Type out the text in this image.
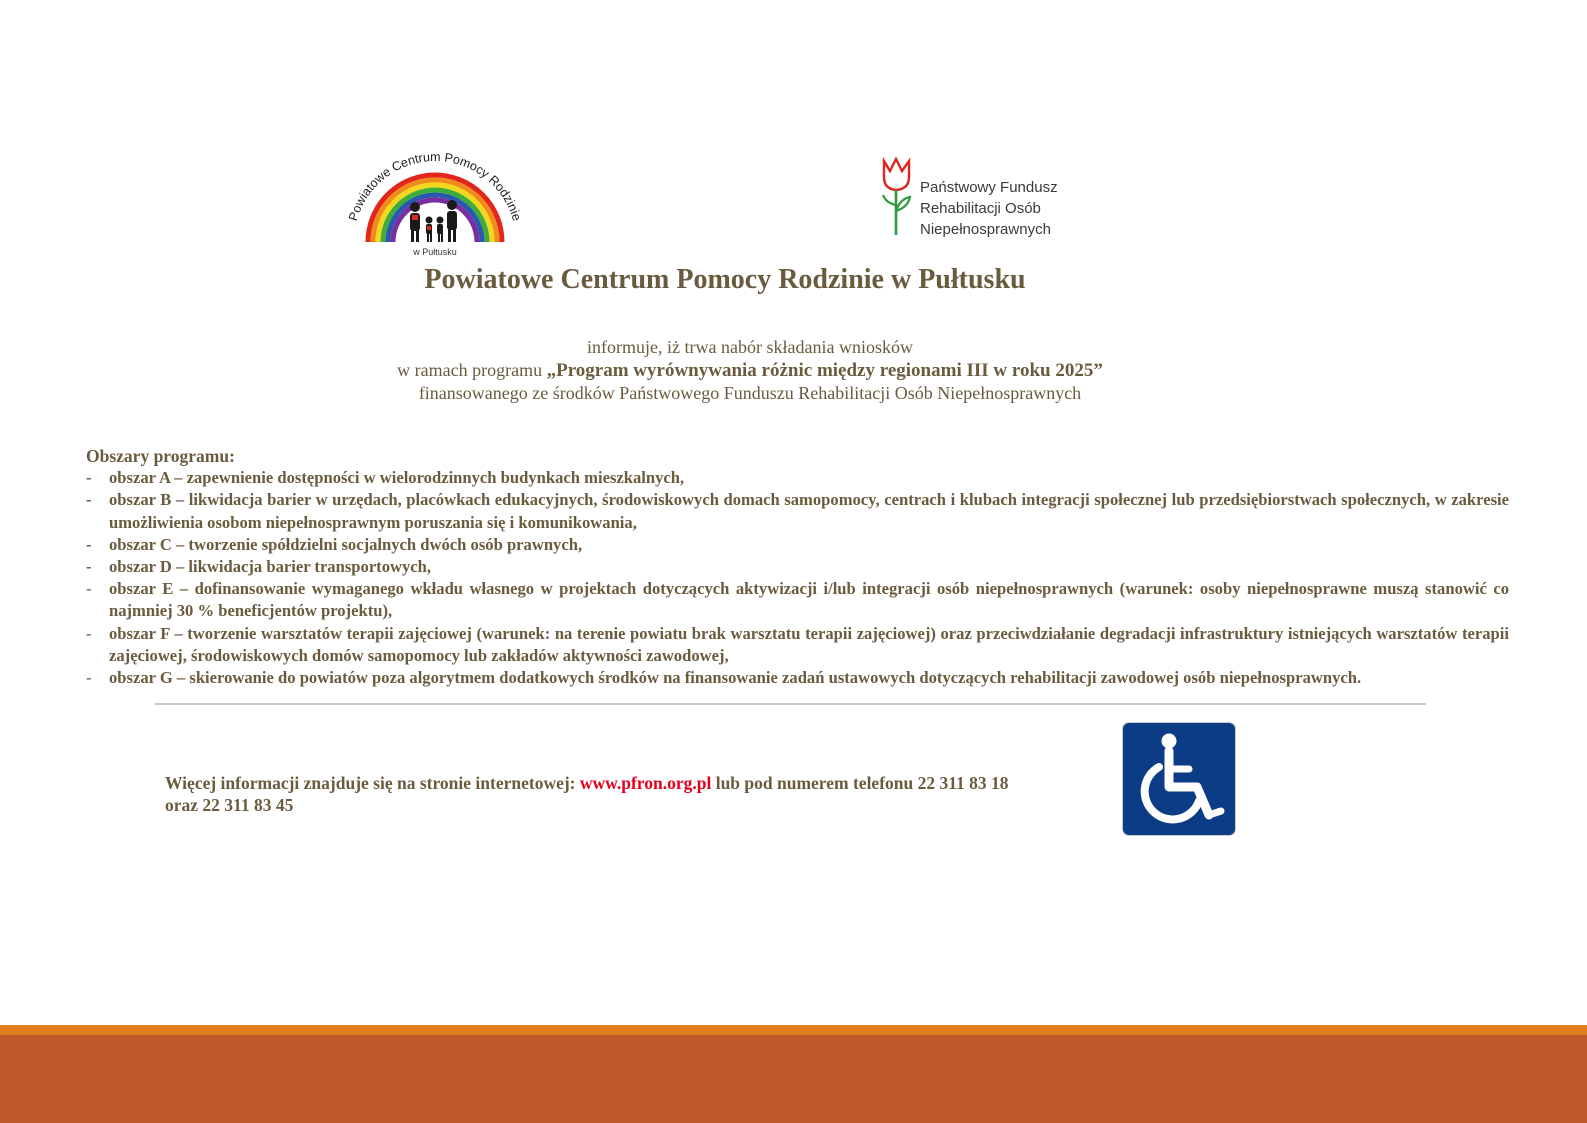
Powiatowe Centrum Pomocy Rodzinie
w Pułtusku
Państwowy Fundusz
Rehabilitacji Osób
Niepełnosprawnych
Powiatowe Centrum Pomocy Rodzinie w Pułtusku
informuje, iż trwa nabór składania wniosków
w ramach programu „Program wyrównywania różnic między regionami III w roku 2025”
finansowanego ze środków Państwowego Funduszu Rehabilitacji Osób Niepełnosprawnych
Obszary programu:
- obszar A – zapewnienie dostępności w wielorodzinnych budynkach mieszkalnych,
- obszar B – likwidacja barier w urzędach, placówkach edukacyjnych, środowiskowych domach samopomocy, centrach i klubach integracji społecznej lub przedsiębiorstwach społecznych, w zakresie umożliwienia osobom niepełnosprawnym poruszania się i komunikowania,
- obszar C – tworzenie spółdzielni socjalnych dwóch osób prawnych,
- obszar D – likwidacja barier transportowych,
- obszar E – dofinansowanie wymaganego wkładu własnego w projektach dotyczących aktywizacji i/lub integracji osób niepełnosprawnych (warunek: osoby niepełnosprawne muszą stanowić co najmniej 30 % beneficjentów projektu),
- obszar F – tworzenie warsztatów terapii zajęciowej (warunek: na terenie powiatu brak warsztatu terapii zajęciowej) oraz przeciwdziałanie degradacji infrastruktury istniejących warsztatów terapii zajęciowej, środowiskowych domów samopomocy lub zakładów aktywności zawodowej,
- obszar G – skierowanie do powiatów poza algorytmem dodatkowych środków na finansowanie zadań ustawowych dotyczących rehabilitacji zawodowej osób niepełnosprawnych.
Więcej informacji znajduje się na stronie internetowej: www.pfron.org.pl lub pod numerem telefonu 22 311 83 18
oraz 22 311 83 45
